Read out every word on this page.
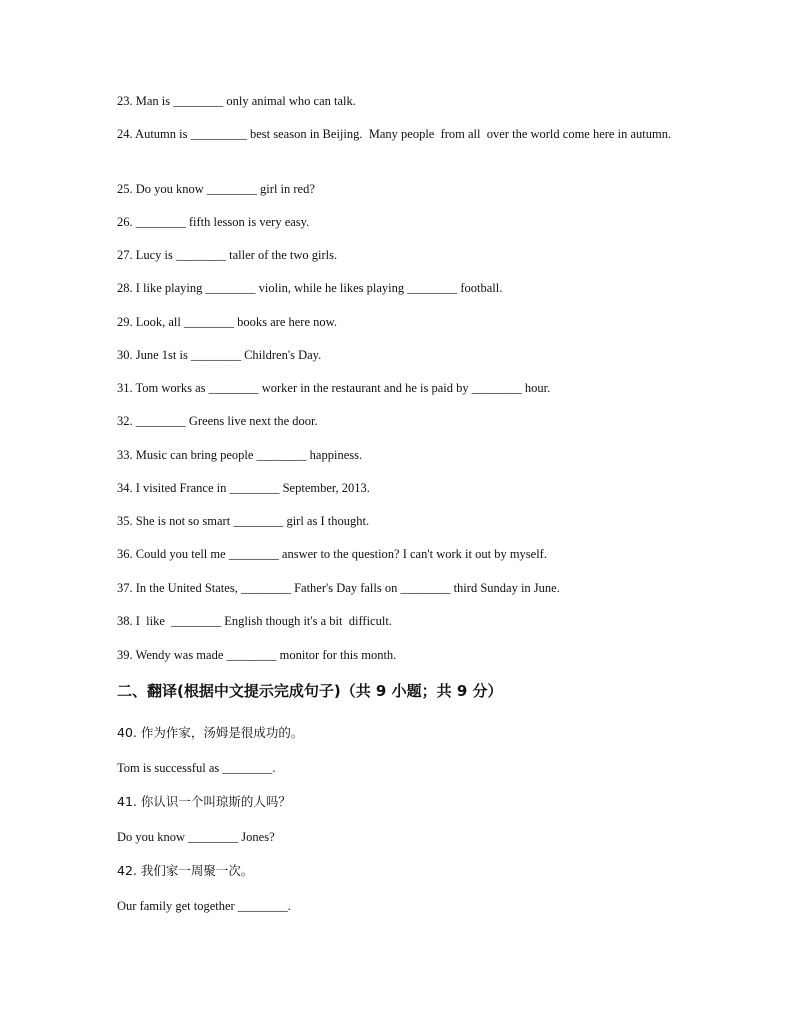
23. Man is ________ only animal who can talk.
24. Autumn is _________ best season in Beijing.  Many people  from all  over the world come here in autumn.
25. Do you know ________ girl in red?
26. ________ fifth lesson is very easy.
27. Lucy is ________ taller of the two girls.
28. I like playing ________ violin, while he likes playing ________ football.
29. Look, all ________ books are here now.
30. June 1st is ________ Children's Day.
31. Tom works as ________ worker in the restaurant and he is paid by ________ hour.
32. ________ Greens live next the door.
33. Music can bring people ________ happiness.
34. I visited France in ________ September, 2013.
35. She is not so smart ________ girl as I thought.
36. Could you tell me ________ answer to the question? I can't work it out by myself.
37. In the United States, ________ Father's Day falls on ________ third Sunday in June.
38. I  like  ________ English though it's a bit  difficult.
39. Wendy was made ________ monitor for this month.
二、翻译(根据中文提示完成句子)（共 9 小题；共 9 分）
40. 作为作家，汤姆是很成功的。
Tom is successful as ________.
41. 你认识一个叫琼斯的人吗？
Do you know ________ Jones?
42. 我们家一周聚一次。
Our family get together ________.
